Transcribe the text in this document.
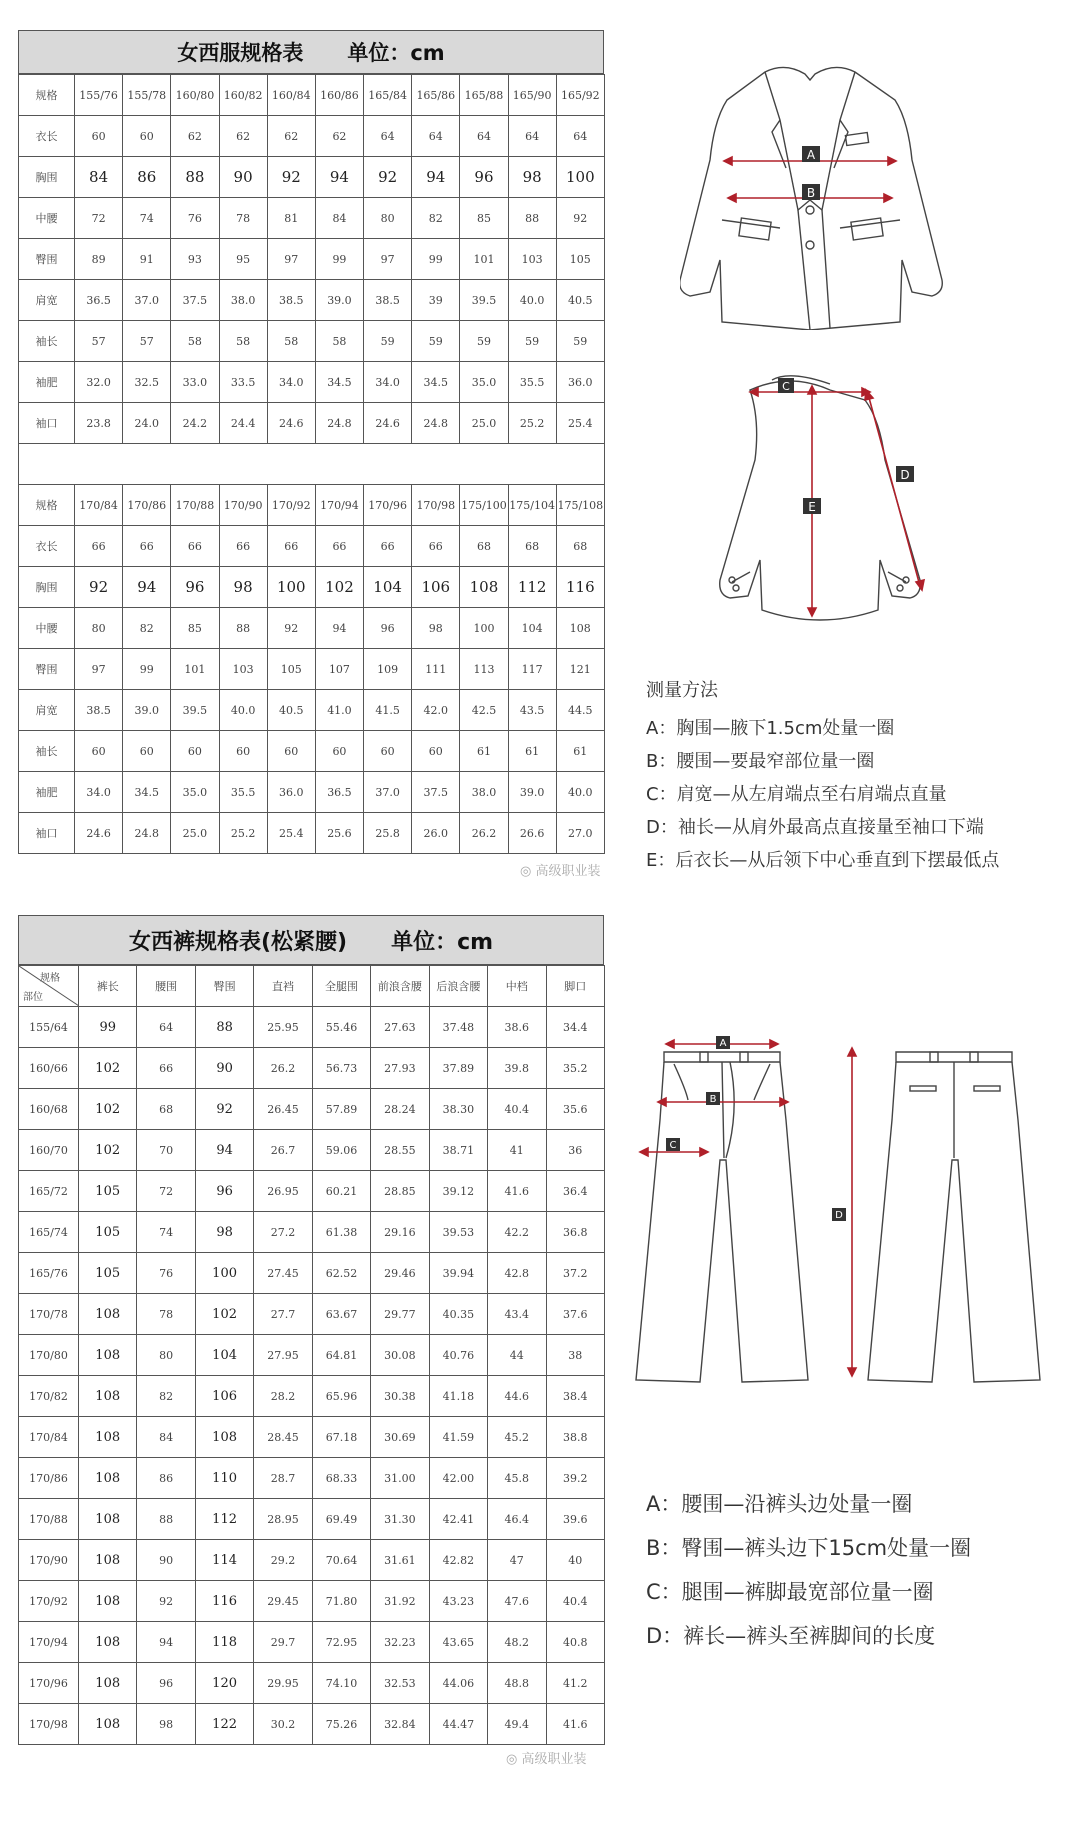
女西服规格表 单位：cm
规格	155/76	155/78	160/80	160/82	160/84	160/86	165/84	165/86	165/88	165/90	165/92
衣长	60	60	62	62	62	62	64	64	64	64	64
胸围	84	86	88	90	92	94	92	94	96	98	100
中腰	72	74	76	78	81	84	80	82	85	88	92
臀围	89	91	93	95	97	99	97	99	101	103	105
肩宽	36.5	37.0	37.5	38.0	38.5	39.0	38.5	39	39.5	40.0	40.5
袖长	57	57	58	58	58	58	59	59	59	59	59
袖肥	32.0	32.5	33.0	33.5	34.0	34.5	34.0	34.5	35.0	35.5	36.0
袖口	23.8	24.0	24.2	24.4	24.6	24.8	24.6	24.8	25.0	25.2	25.4

规格	170/84	170/86	170/88	170/90	170/92	170/94	170/96	170/98	175/100	175/104	175/108
衣长	66	66	66	66	66	66	66	66	68	68	68
胸围	92	94	96	98	100	102	104	106	108	112	116
中腰	80	82	85	88	92	94	96	98	100	104	108
臀围	97	99	101	103	105	107	109	111	113	117	121
肩宽	38.5	39.0	39.5	40.0	40.5	41.0	41.5	42.0	42.5	43.5	44.5
袖长	60	60	60	60	60	60	60	60	61	61	61
袖肥	34.0	34.5	35.0	35.5	36.0	36.5	37.0	37.5	38.0	39.0	40.0
袖口	24.6	24.8	25.0	25.2	25.4	25.6	25.8	26.0	26.2	26.6	27.0
A
B
C
D
E
测量方法
A：胸围—腋下1.5cm处量一圈
B：腰围—要最窄部位量一圈
C：肩宽—从左肩端点至右肩端点直量
D：袖长—从肩外最高点直接量至袖口下端
E：后衣长—从后领下中心垂直到下摆最低点
◎ 高级职业装
女西裤规格表(松紧腰) 单位：cm
规格
部位	裤长	腰围	臀围	直裆	全腿围	前浪含腰	后浪含腰	中档	脚口
155/64	99	64	88	25.95	55.46	27.63	37.48	38.6	34.4
160/66	102	66	90	26.2	56.73	27.93	37.89	39.8	35.2
160/68	102	68	92	26.45	57.89	28.24	38.30	40.4	35.6
160/70	102	70	94	26.7	59.06	28.55	38.71	41	36
165/72	105	72	96	26.95	60.21	28.85	39.12	41.6	36.4
165/74	105	74	98	27.2	61.38	29.16	39.53	42.2	36.8
165/76	105	76	100	27.45	62.52	29.46	39.94	42.8	37.2
170/78	108	78	102	27.7	63.67	29.77	40.35	43.4	37.6
170/80	108	80	104	27.95	64.81	30.08	40.76	44	38
170/82	108	82	106	28.2	65.96	30.38	41.18	44.6	38.4
170/84	108	84	108	28.45	67.18	30.69	41.59	45.2	38.8
170/86	108	86	110	28.7	68.33	31.00	42.00	45.8	39.2
170/88	108	88	112	28.95	69.49	31.30	42.41	46.4	39.6
170/90	108	90	114	29.2	70.64	31.61	42.82	47	40
170/92	108	92	116	29.45	71.80	31.92	43.23	47.6	40.4
170/94	108	94	118	29.7	72.95	32.23	43.65	48.2	40.8
170/96	108	96	120	29.95	74.10	32.53	44.06	48.8	41.2
170/98	108	98	122	30.2	75.26	32.84	44.47	49.4	41.6
A
B
C
D
A：腰围—沿裤头边处量一圈
B：臀围—裤头边下15cm处量一圈
C：腿围—裤脚最宽部位量一圈
D：裤长—裤头至裤脚间的长度
◎ 高级职业装
